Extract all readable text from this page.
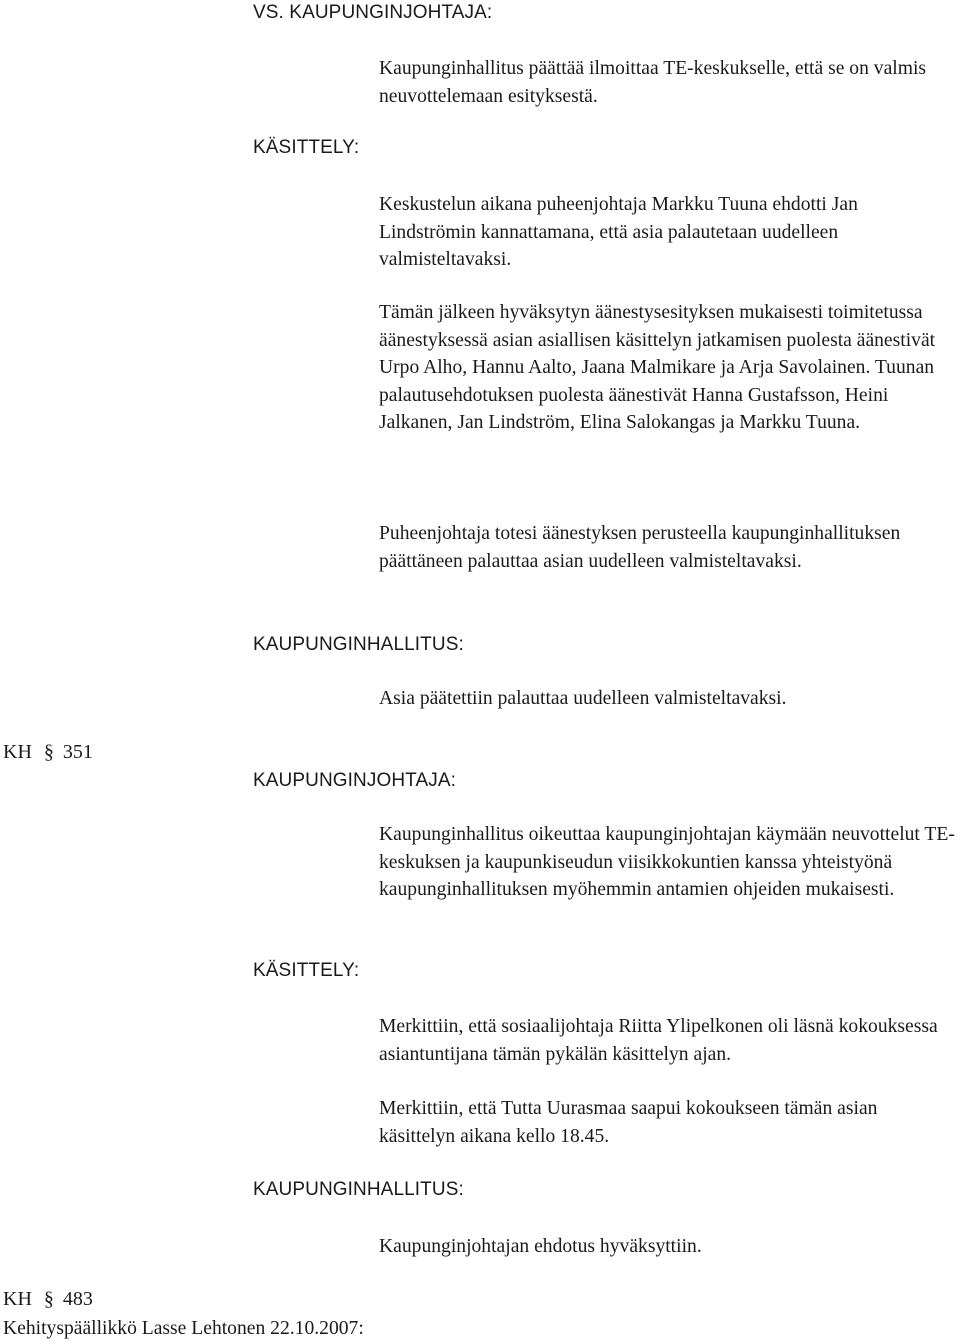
VS. KAUPUNGINJOHTAJA:
Kaupunginhallitus päättää ilmoittaa TE-keskukselle, että se on valmis neuvottelemaan esityksestä.
KÄSITTELY:
Keskustelun aikana puheenjohtaja Markku Tuuna ehdotti Jan Lindströmin kannattamana, että asia palautetaan uudelleen valmisteltavaksi.
Tämän jälkeen hyväksytyn äänestysesityksen mukaisesti toimitetussa äänestyksessä asian asiallisen käsittelyn jatkamisen puolesta äänestivät Urpo Alho, Hannu Aalto, Jaana Malmikare ja Arja Savolainen. Tuunan palautusehdotuksen puolesta äänestivät Hanna Gustafsson, Heini Jalkanen, Jan Lindström, Elina Salokangas ja Markku Tuuna.
Puheenjohtaja totesi äänestyksen perusteella kaupunginhallituksen päättäneen palauttaa asian uudelleen valmisteltavaksi.
KAUPUNGINHALLITUS:
Asia päätettiin palauttaa uudelleen valmisteltavaksi.
KH § 351
KAUPUNGINJOHTAJA:
Kaupunginhallitus oikeuttaa kaupunginjohtajan käymään neuvottelut TE-keskuksen ja kaupunkiseudun viisikkokuntien kanssa yhteistyönä kaupunginhallituksen myöhemmin antamien ohjeiden mukaisesti.
KÄSITTELY:
Merkittiin, että sosiaalijohtaja Riitta Ylipelkonen oli läsnä kokouksessa asiantuntijana tämän pykälän käsittelyn ajan.
Merkittiin, että Tutta Uurasmaa saapui kokoukseen tämän asian käsittelyn aikana kello 18.45.
KAUPUNGINHALLITUS:
Kaupunginjohtajan ehdotus hyväksyttiin.
KH § 483
Kehityspäällikkö Lasse Lehtonen 22.10.2007:
